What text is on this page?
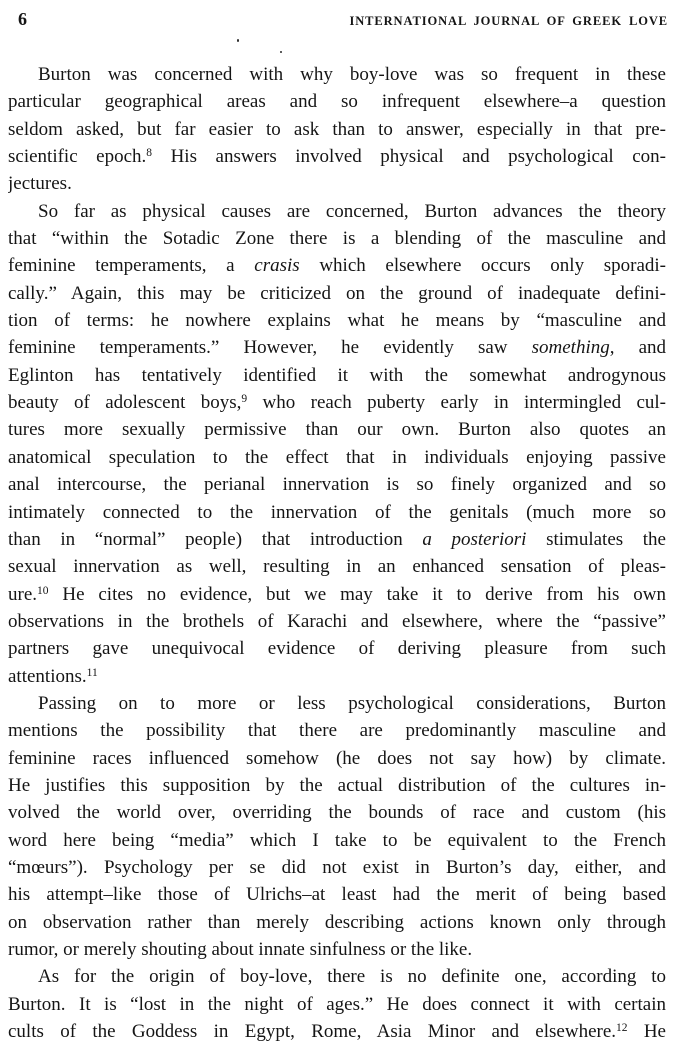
6	INTERNATIONAL JOURNAL OF GREEK LOVE
Burton was concerned with why boy-love was so frequent in these
particular geographical areas and so infrequent elsewhere–a question
seldom asked, but far easier to ask than to answer, especially in that pre-
scientific epoch.$^8$ His answers involved physical and psychological con-
jectures.
So far as physical causes are concerned, Burton advances the theory
that “within the Sotadic Zone there is a blending of the masculine and
feminine temperaments, a crasis which elsewhere occurs only sporadi-
cally.” Again, this may be criticized on the ground of inadequate defini-
tion of terms: he nowhere explains what he means by “masculine and
feminine temperaments.” However, he evidently saw something, and
Eglinton has tentatively identified it with the somewhat androgynous
beauty of adolescent boys,$^9$ who reach puberty early in intermingled cul-
tures more sexually permissive than our own. Burton also quotes an
anatomical speculation to the effect that in individuals enjoying passive
anal intercourse, the perianal innervation is so finely organized and so
intimately connected to the innervation of the genitals (much more so
than in “normal” people) that introduction a posteriori stimulates the
sexual innervation as well, resulting in an enhanced sensation of pleas-
ure.$^{10}$ He cites no evidence, but we may take it to derive from his own
observations in the brothels of Karachi and elsewhere, where the “passive”
partners gave unequivocal evidence of deriving pleasure from such
attentions.$^{11}$
Passing on to more or less psychological considerations, Burton
mentions the possibility that there are predominantly masculine and
feminine races influenced somehow (he does not say how) by climate.
He justifies this supposition by the actual distribution of the cultures in-
volved the world over, overriding the bounds of race and custom (his
word here being “media” which I take to be equivalent to the French
“mœurs”). Psychology per se did not exist in Burton’s day, either, and
his attempt–like those of Ulrichs–at least had the merit of being based
on observation rather than merely describing actions known only through
rumor, or merely shouting about innate sinfulness or the like.
As for the origin of boy-love, there is no definite one, according to
Burton. It is “lost in the night of ages.” He does connect it with certain
cults of the Goddess in Egypt, Rome, Asia Minor and elsewhere.$^{12}$ He
